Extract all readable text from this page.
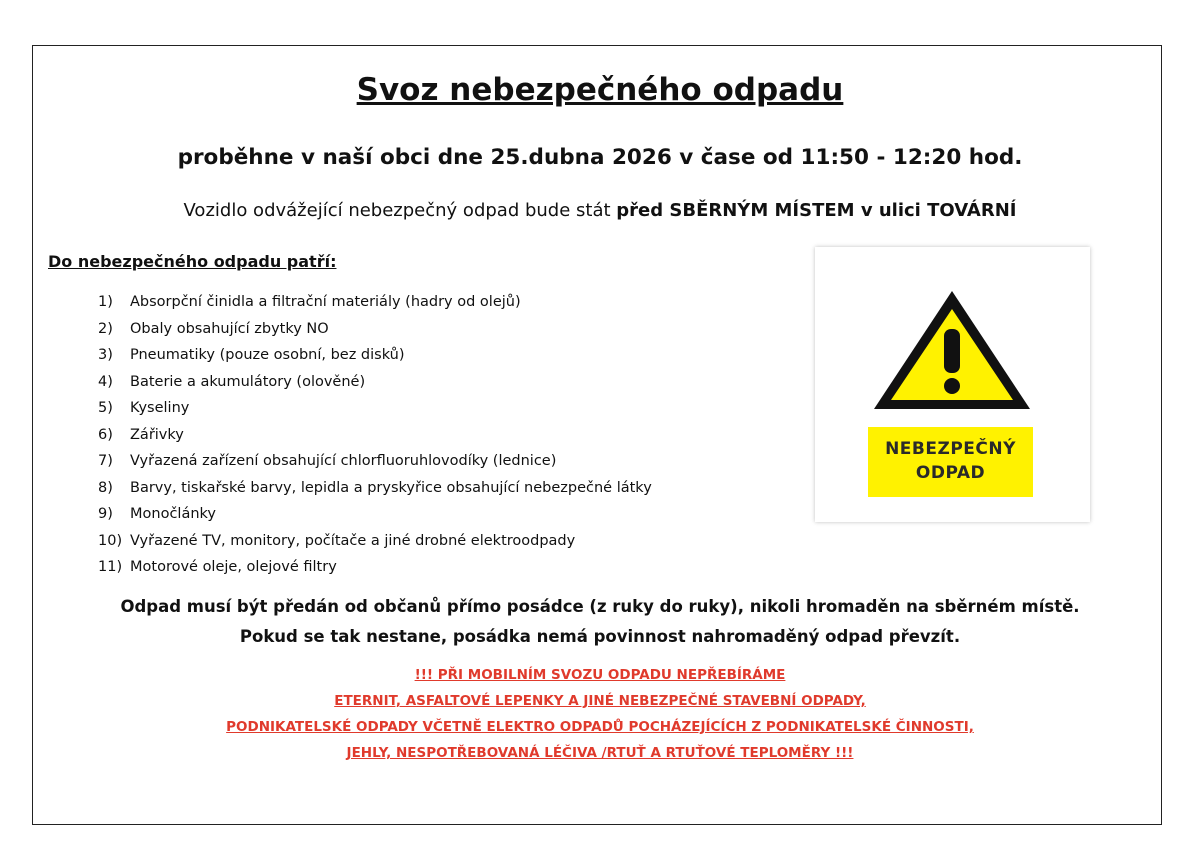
Svoz nebezpečného odpadu

proběhne v naší obci dne 25.dubna 2026 v čase od 11:50 - 12:20 hod.

Vozidlo odvážející nebezpečný odpad bude stát před SBĚRNÝM MÍSTEM v ulici TOVÁRNÍ

Do nebezpečného odpadu patří:

1)	Absorpční činidla a filtrační materiály (hadry od olejů)
2)	Obaly obsahující zbytky NO
3)	Pneumatiky (pouze osobní, bez disků)
4)	Baterie a akumulátory (olověné)
5)	Kyseliny
6)	Zářivky
7)	Vyřazená zařízení obsahující chlorfluoruhlovodíky (lednice)
8)	Barvy, tiskařské barvy, lepidla a pryskyřice obsahující nebezpečné látky
9)	Monočlánky
10) Vyřazené TV, monitory, počítače a jiné drobné elektroodpady
11) Motorové oleje, olejové filtry
NEBEZPEČNÝ
ODPAD
Odpad musí být předán od občanů přímo posádce (z ruky do ruky), nikoli hromaděn na sběrném místě.
Pokud se tak nestane, posádka nemá povinnost nahromaděný odpad převzít.
!!! PŘI MOBILNÍM SVOZU ODPADU NEPŘEBÍRÁME
ETERNIT, ASFALTOVÉ LEPENKY A JINÉ NEBEZPEČNÉ STAVEBNÍ ODPADY,
PODNIKATELSKÉ ODPADY VČETNĚ ELEKTRO ODPADŮ POCHÁZEJÍCÍCH Z PODNIKATELSKÉ ČINNOSTI,
JEHLY, NESPOTŘEBOVANÁ LÉČIVA /RTUŤ A RTUŤOVÉ TEPLOMĚRY !!!
